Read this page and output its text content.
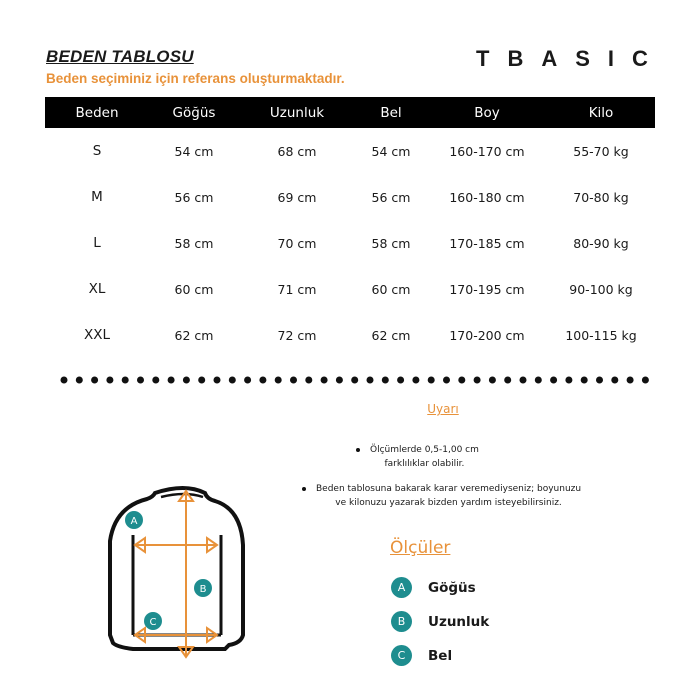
BEDEN TABLOSU

Beden seçiminiz için referans oluşturmaktadır.

TBASIC
Beden	Göğüs	Uzunluk	Bel	Boy	Kilo
S	54 cm	68 cm	54 cm	160-170 cm	55-70 kg
M	56 cm	69 cm	56 cm	160-180 cm	70-80 kg
L	58 cm	70 cm	58 cm	170-185 cm	80-90 kg
XL	60 cm	71 cm	60 cm	170-195 cm	90-100 kg
XXL	62 cm	72 cm	62 cm	170-200 cm	100-115 kg

Uyarı

Ölçümlerde 0,5-1,00 cm
farklılıklar olabilir.
Beden tablosuna bakarak karar veremediyseniz; boyunuzu
ve kilonuzu yazarak bizden yardım isteyebilirsiniz.
A
B
C

Ölçüler

A	Göğüs
B	Uzunluk
C	Bel
